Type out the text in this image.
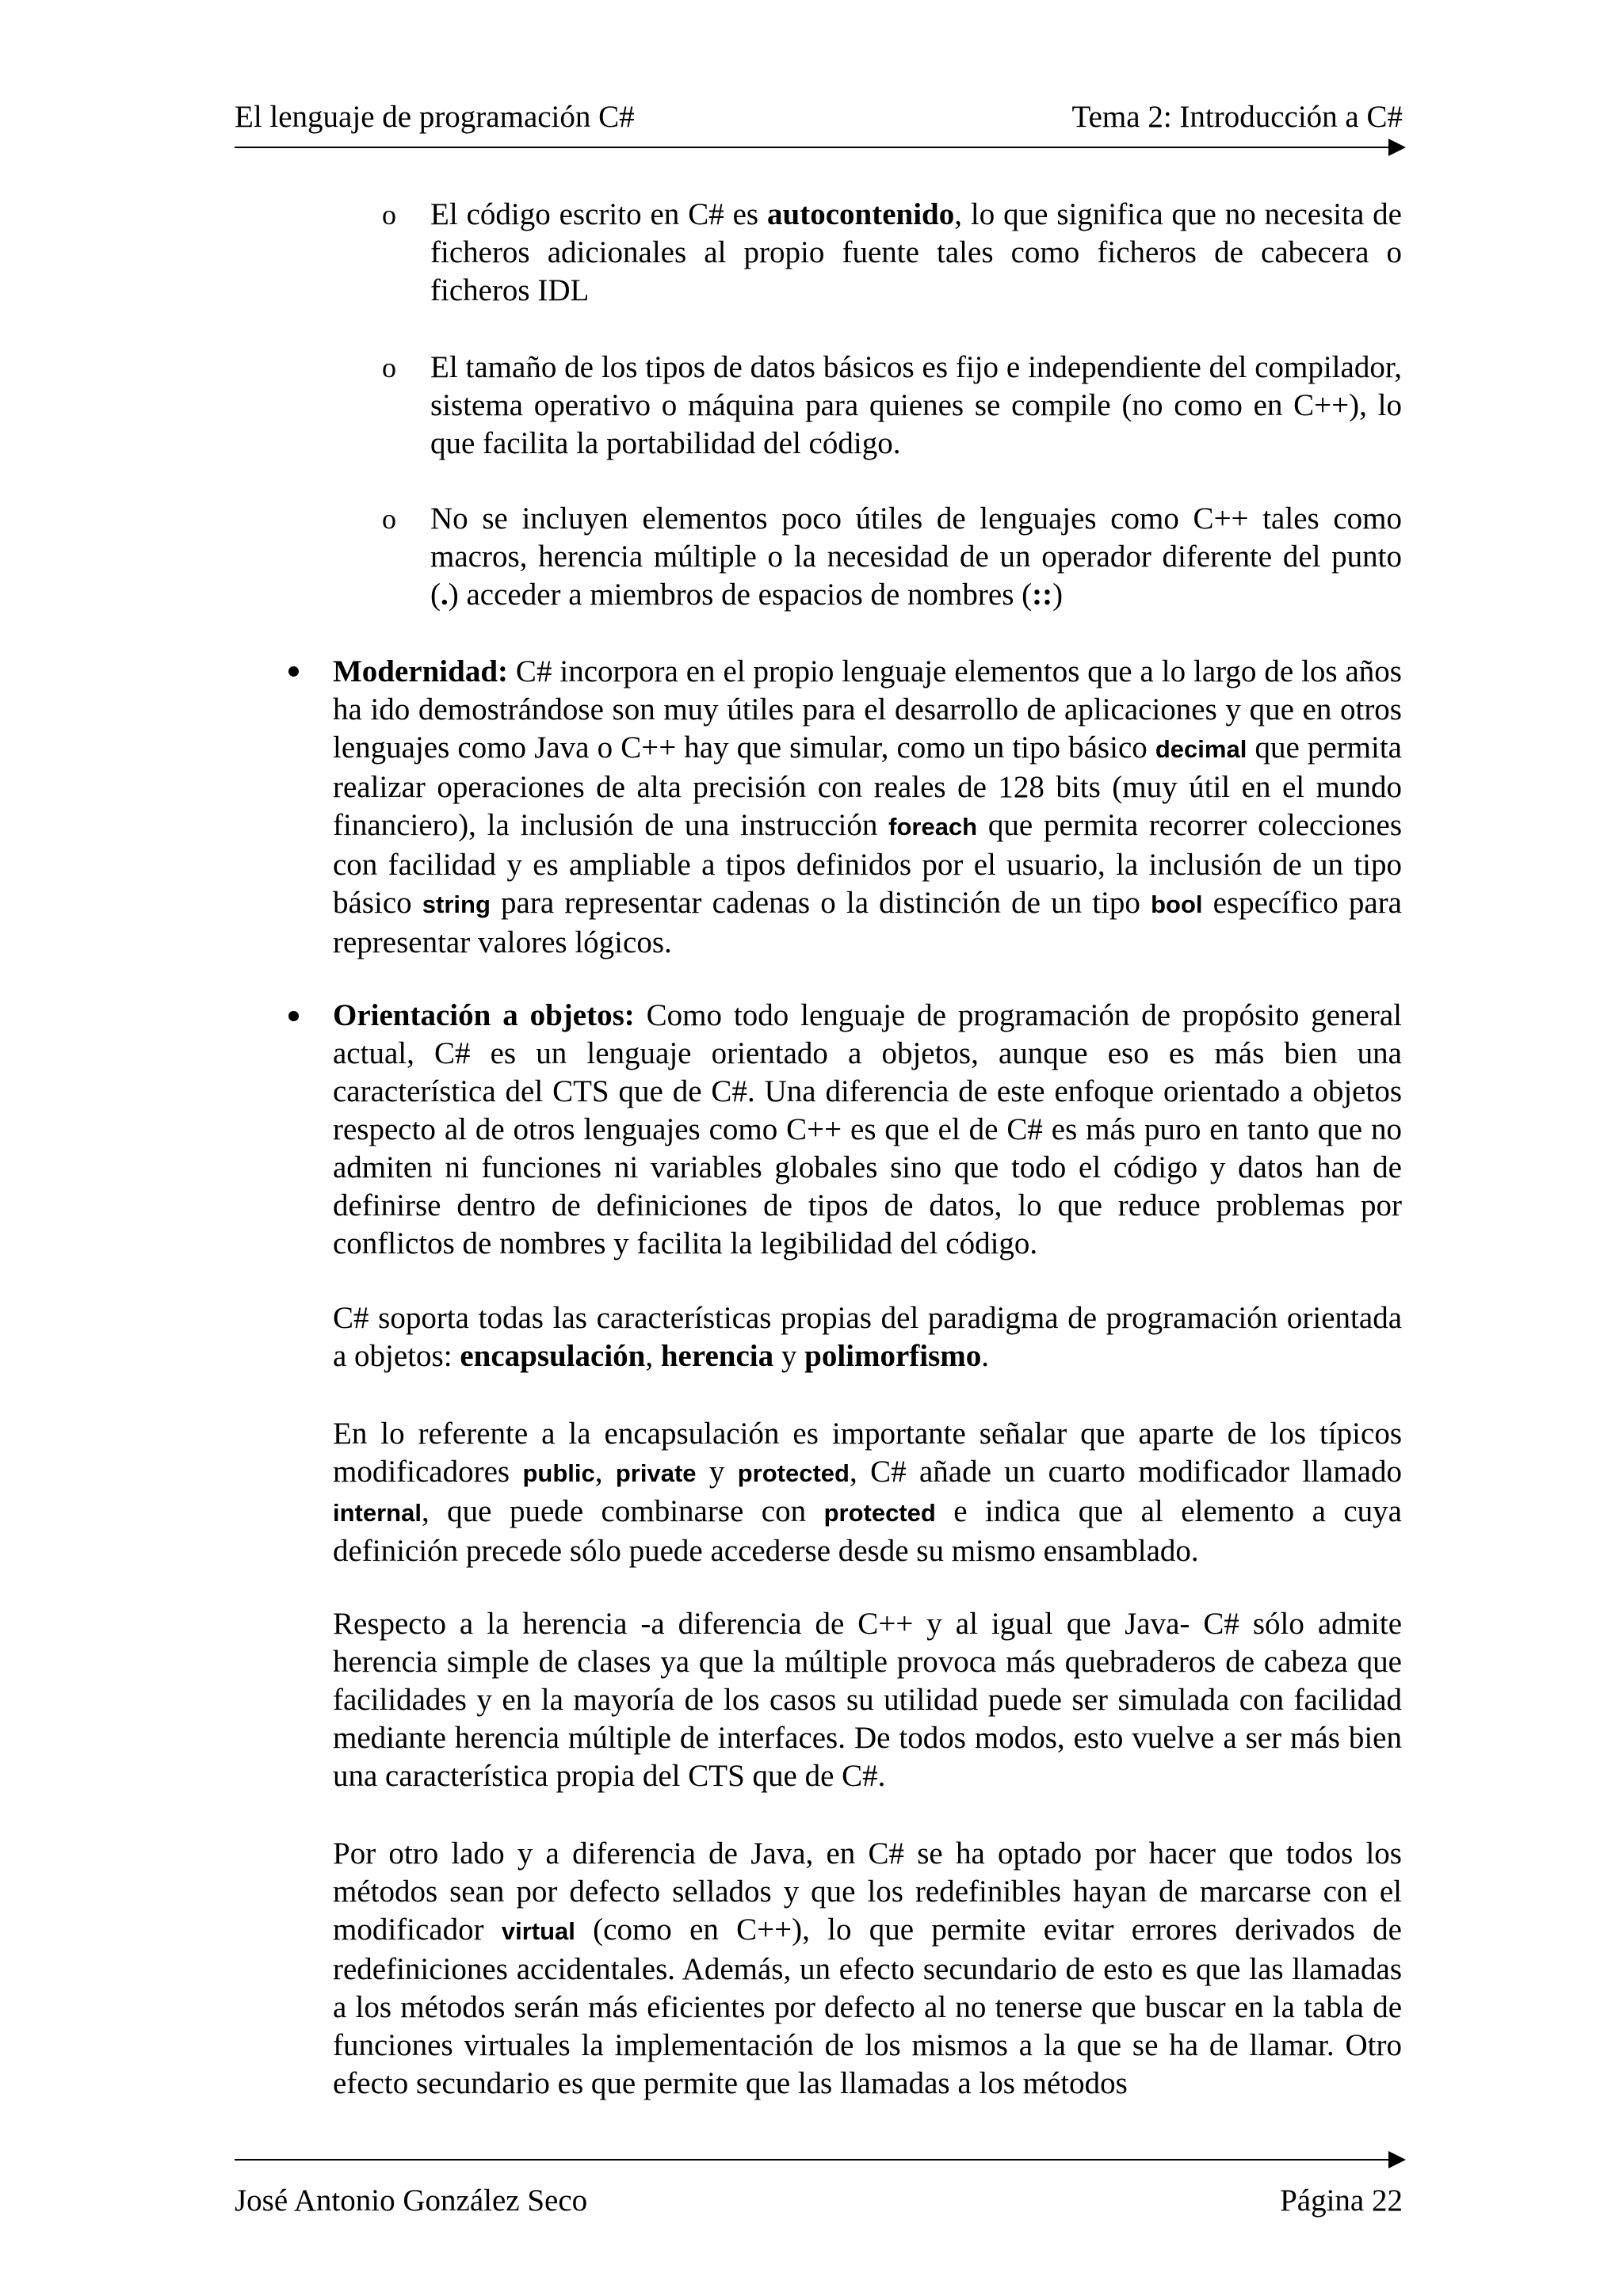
El lenguaje de programación C#	Tema 2: Introducción a C#
o El código escrito en C# es autocontenido, lo que significa que no necesita de ficheros adicionales al propio fuente tales como ficheros de cabecera o ficheros IDL

o El tamaño de los tipos de datos básicos es fijo e independiente del compilador, sistema operativo o máquina para quienes se compile (no como en C++), lo que facilita la portabilidad del código.

o No se incluyen elementos poco útiles de lenguajes como C++ tales como macros, herencia múltiple o la necesidad de un operador diferente del punto (.) acceder a miembros de espacios de nombres (::)

Modernidad: C# incorpora en el propio lenguaje elementos que a lo largo de los años ha ido demostrándose son muy útiles para el desarrollo de aplicaciones y que en otros lenguajes como Java o C++ hay que simular, como un tipo básico decimal que permita realizar operaciones de alta precisión con reales de 128 bits (muy útil en el mundo financiero), la inclusión de una instrucción foreach que permita recorrer colecciones con facilidad y es ampliable a tipos definidos por el usuario, la inclusión de un tipo básico string para representar cadenas o la distinción de un tipo bool específico para representar valores lógicos.

Orientación a objetos: Como todo lenguaje de programación de propósito general actual, C# es un lenguaje orientado a objetos, aunque eso es más bien una característica del CTS que de C#. Una diferencia de este enfoque orientado a objetos respecto al de otros lenguajes como C++ es que el de C# es más puro en tanto que no admiten ni funciones ni variables globales sino que todo el código y datos han de definirse dentro de definiciones de tipos de datos, lo que reduce problemas por conflictos de nombres y facilita la legibilidad del código.

C# soporta todas las características propias del paradigma de programación orientada a objetos: encapsulación, herencia y polimorfismo.

En lo referente a la encapsulación es importante señalar que aparte de los típicos modificadores public, private y protected, C# añade un cuarto modificador llamado internal, que puede combinarse con protected e indica que al elemento a cuya definición precede sólo puede accederse desde su mismo ensamblado.

Respecto a la herencia -a diferencia de C++ y al igual que Java- C# sólo admite herencia simple de clases ya que la múltiple provoca más quebraderos de cabeza que facilidades y en la mayoría de los casos su utilidad puede ser simulada con facilidad mediante herencia múltiple de interfaces. De todos modos, esto vuelve a ser más bien una característica propia del CTS que de C#.

Por otro lado y a diferencia de Java, en C# se ha optado por hacer que todos los métodos sean por defecto sellados y que los redefinibles hayan de marcarse con el modificador virtual (como en C++), lo que permite evitar errores derivados de redefiniciones accidentales. Además, un efecto secundario de esto es que las llamadas a los métodos serán más eficientes por defecto al no tenerse que buscar en la tabla de funciones virtuales la implementación de los mismos a la que se ha de llamar. Otro efecto secundario es que permite que las llamadas a los métodos

José Antonio González Seco	Página 22
